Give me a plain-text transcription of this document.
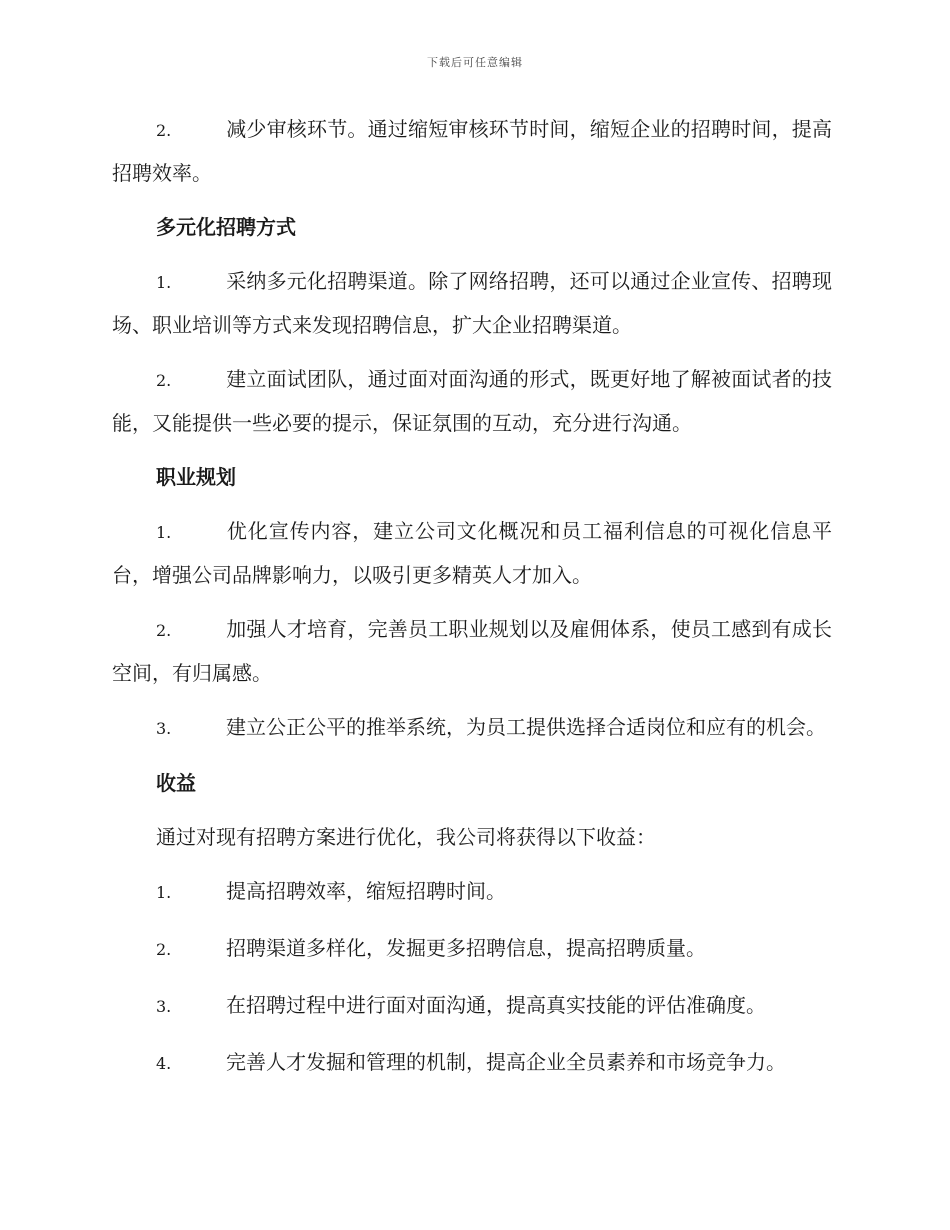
下载后可任意编辑
2.	减少审核环节。通过缩短审核环节时间，缩短企业的招聘时间，提高招聘效率。
多元化招聘方式
1.	采纳多元化招聘渠道。除了网络招聘，还可以通过企业宣传、招聘现场、职业培训等方式来发现招聘信息，扩大企业招聘渠道。
2.	建立面试团队，通过面对面沟通的形式，既更好地了解被面试者的技能，又能提供一些必要的提示，保证氛围的互动，充分进行沟通。
职业规划
1.	优化宣传内容，建立公司文化概况和员工福利信息的可视化信息平台，增强公司品牌影响力，以吸引更多精英人才加入。
2.	加强人才培育，完善员工职业规划以及雇佣体系，使员工感到有成长空间，有归属感。
3.	建立公正公平的推举系统，为员工提供选择合适岗位和应有的机会。
收益
通过对现有招聘方案进行优化，我公司将获得以下收益：
1.	提高招聘效率，缩短招聘时间。
2.	招聘渠道多样化，发掘更多招聘信息，提高招聘质量。
3.	在招聘过程中进行面对面沟通，提高真实技能的评估准确度。
4.	完善人才发掘和管理的机制，提高企业全员素养和市场竞争力。
